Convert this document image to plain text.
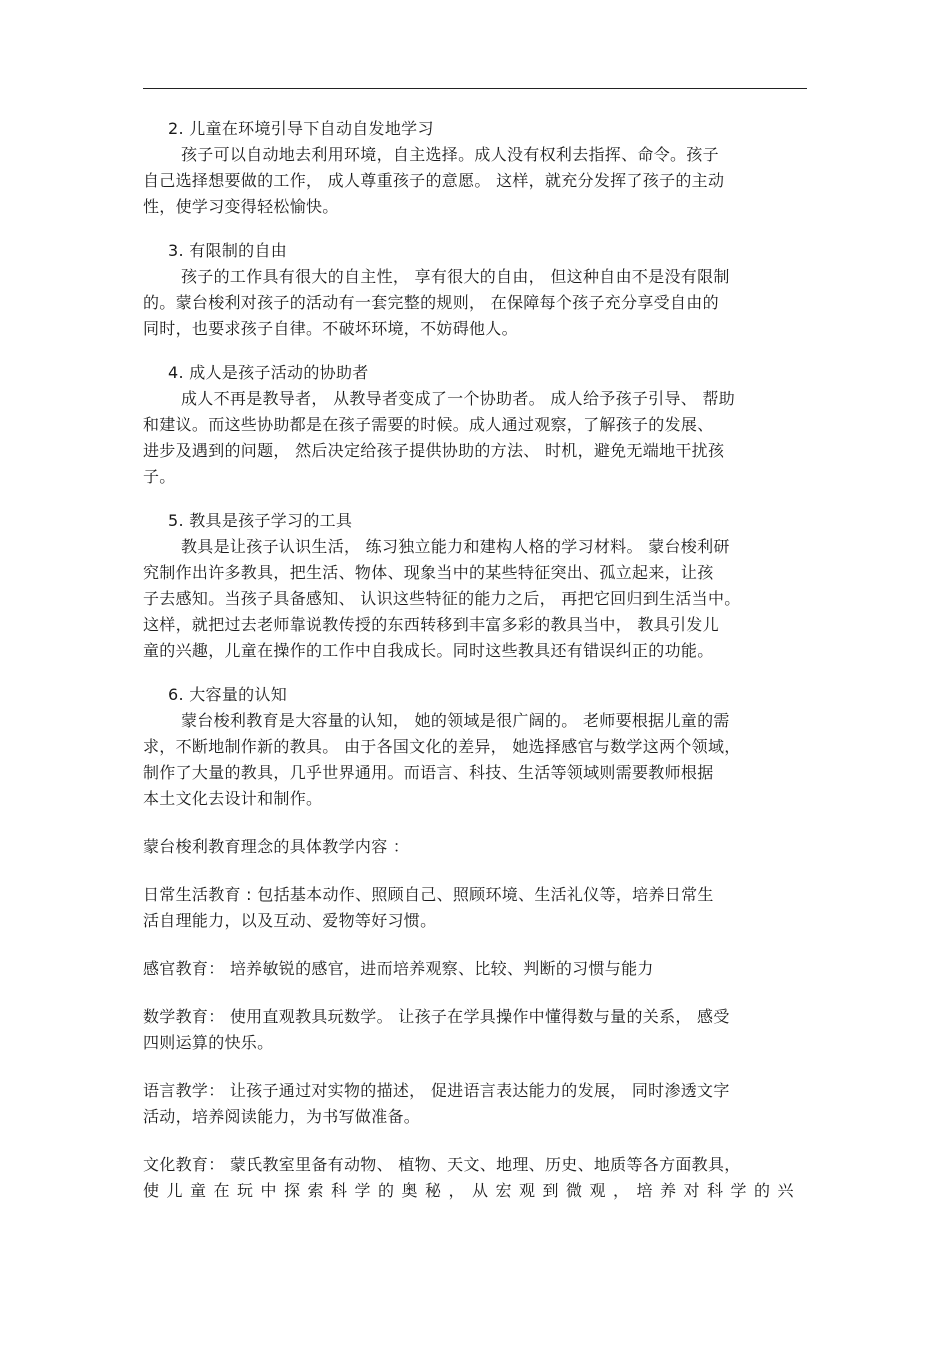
2. 儿童在环境引导下自动自发地学习
孩子可以自动地去利用环境，自主选择。成人没有权利去指挥、命令。孩子
自己选择想要做的工作， 成人尊重孩子的意愿。 这样，就充分发挥了孩子的主动
性，使学习变得轻松愉快。
3. 有限制的自由
孩子的工作具有很大的自主性， 享有很大的自由， 但这种自由不是没有限制
的。蒙台梭利对孩子的活动有一套完整的规则， 在保障每个孩子充分享受自由的
同时，也要求孩子自律。不破坏环境，不妨碍他人。
4. 成人是孩子活动的协助者
成人不再是教导者， 从教导者变成了一个协助者。 成人给予孩子引导、 帮助
和建议。而这些协助都是在孩子需要的时候。成人通过观察，了解孩子的发展、
进步及遇到的问题， 然后决定给孩子提供协助的方法、 时机，避免无端地干扰孩
子。
5. 教具是孩子学习的工具
教具是让孩子认识生活， 练习独立能力和建构人格的学习材料。 蒙台梭利研
究制作出许多教具，把生活、物体、现象当中的某些特征突出、孤立起来，让孩
子去感知。当孩子具备感知、 认识这些特征的能力之后， 再把它回归到生活当中。
这样，就把过去老师靠说教传授的东西转移到丰富多彩的教具当中， 教具引发儿
童的兴趣，儿童在操作的工作中自我成长。同时这些教具还有错误纠正的功能。
6. 大容量的认知
蒙台梭利教育是大容量的认知， 她的领域是很广阔的。 老师要根据儿童的需
求，不断地制作新的教具。 由于各国文化的差异， 她选择感官与数学这两个领域，
制作了大量的教具，几乎世界通用。而语言、科技、生活等领域则需要教师根据
本土文化去设计和制作。
蒙台梭利教育理念的具体教学内容 ：
日常生活教育 : 包括基本动作、照顾自己、照顾环境、生活礼仪等，培养日常生
活自理能力，以及互动、爱物等好习惯。
感官教育： 培养敏锐的感官，进而培养观察、比较、判断的习惯与能力
数学教育： 使用直观教具玩数学。 让孩子在学具操作中懂得数与量的关系， 感受
四则运算的快乐。
语言教学： 让孩子通过对实物的描述， 促进语言表达能力的发展， 同时渗透文字
活动，培养阅读能力，为书写做准备。
文化教育： 蒙氏教室里备有动物、 植物、天文、地理、历史、地质等各方面教具，
使儿童在玩中探索科学的奥秘，从宏观到微观，培养对科学的兴
